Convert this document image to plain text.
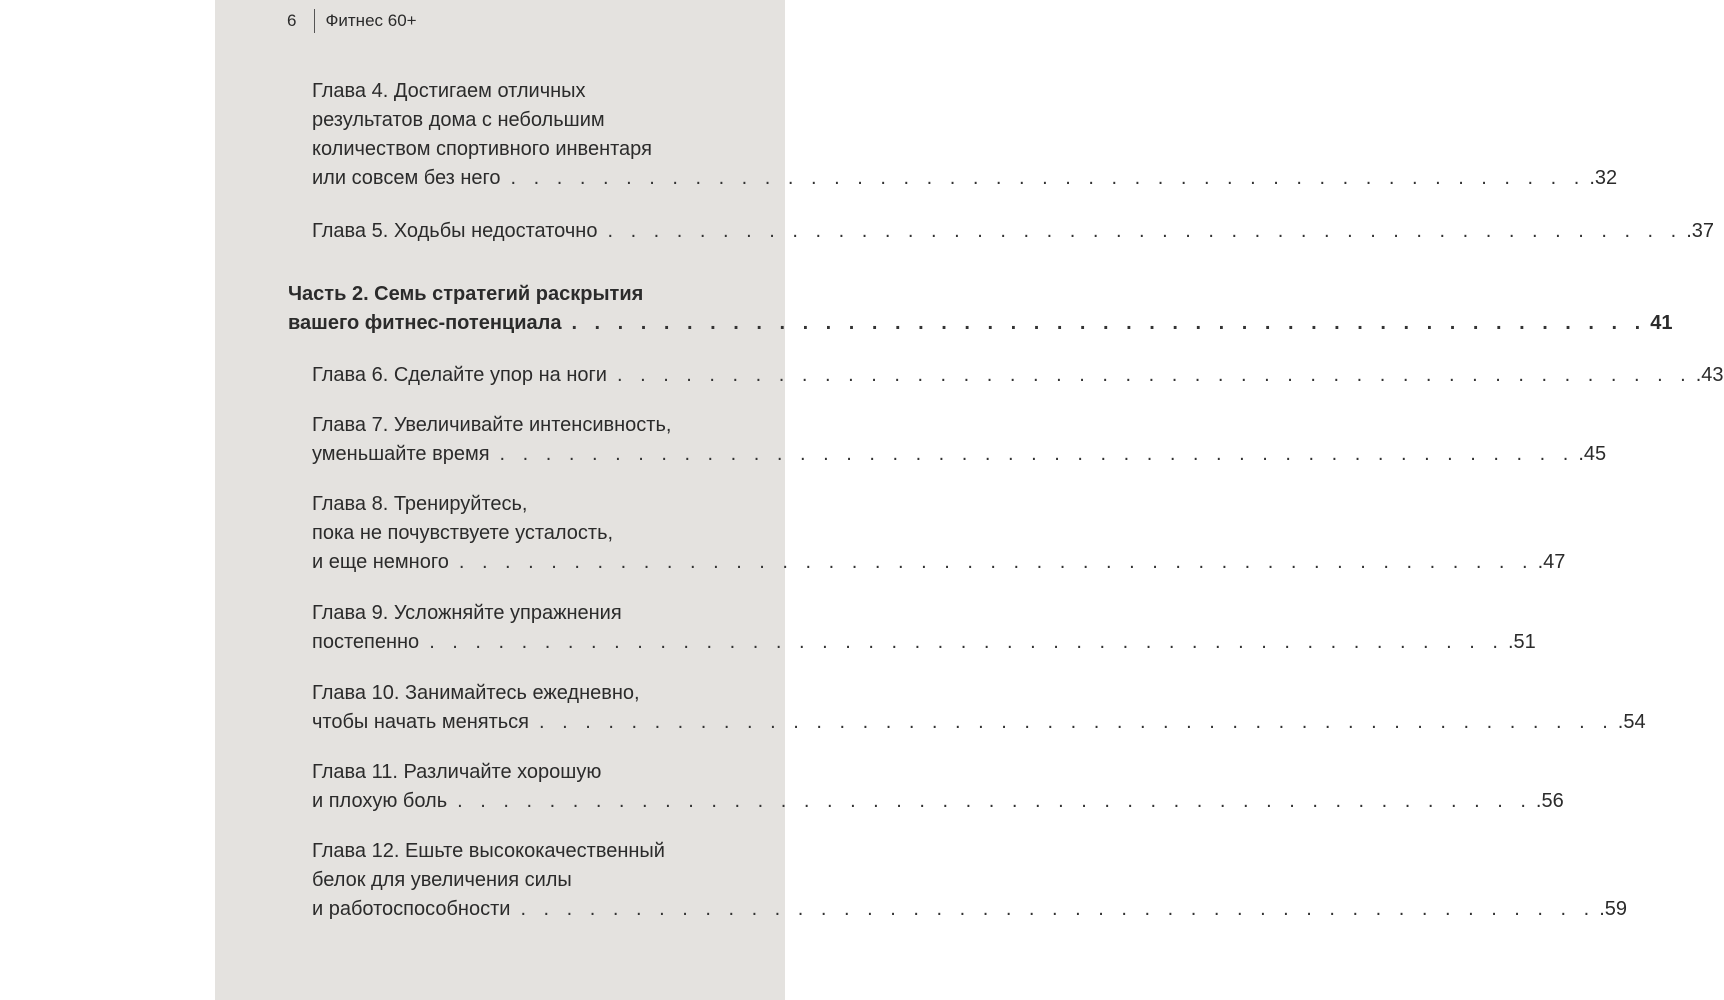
6 Фитнес 60+
Глава 4. Достигаем отличных
результатов дома с небольшим
количеством спортивного инвентаря
или совсем без него . . . . . . . . . . . . . . . . . . . . . . . . . . . . . . . . . . . . . . . . . . . . . . . .32
Глава 5. Ходьбы недостаточно . . . . . . . . . . . . . . . . . . . . . . . . . . . . . . . . . . . . . . . . . . . . . . . .37
Часть 2. Семь стратегий раскрытия
вашего фитнес-потенциала . . . . . . . . . . . . . . . . . . . . . . . . . . . . . . . . . . . . . . . . . . . . . . . 41
Глава 6. Сделайте упор на ноги . . . . . . . . . . . . . . . . . . . . . . . . . . . . . . . . . . . . . . . . . . . . . . . .43
Глава 7. Увеличивайте интенсивность,
уменьшайте время . . . . . . . . . . . . . . . . . . . . . . . . . . . . . . . . . . . . . . . . . . . . . . . .45
Глава 8. Тренируйтесь,
пока не почувствуете усталость,
и еще немного . . . . . . . . . . . . . . . . . . . . . . . . . . . . . . . . . . . . . . . . . . . . . . . .47
Глава 9. Усложняйте упражнения
постепенно . . . . . . . . . . . . . . . . . . . . . . . . . . . . . . . . . . . . . . . . . . . . . . . .51
Глава 10. Занимайтесь ежедневно,
чтобы начать меняться . . . . . . . . . . . . . . . . . . . . . . . . . . . . . . . . . . . . . . . . . . . . . . . .54
Глава 11. Различайте хорошую
и плохую боль . . . . . . . . . . . . . . . . . . . . . . . . . . . . . . . . . . . . . . . . . . . . . . . .56
Глава 12. Ешьте высококачественный
белок для увеличения силы
и работоспособности . . . . . . . . . . . . . . . . . . . . . . . . . . . . . . . . . . . . . . . . . . . . . . . .59
